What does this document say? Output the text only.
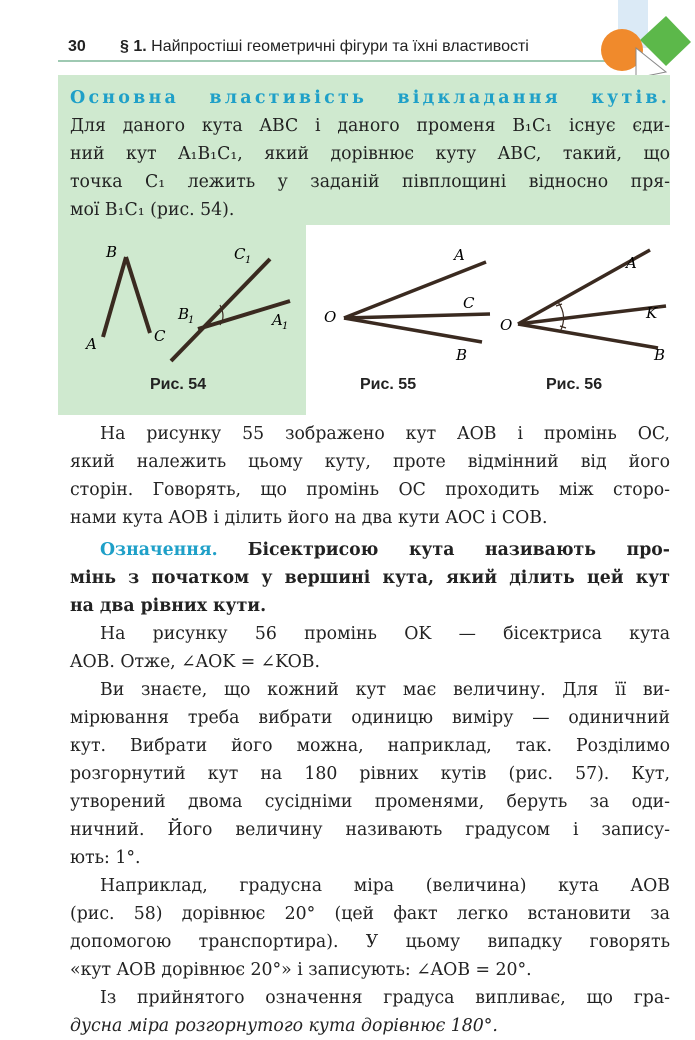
30 § 1. Найпростіші геометричні фігури та їхні властивості

Основна властивість відкладання кутів.
Для даного кута ABC і даного променя B₁C₁ існує єди-
ний кут A₁B₁C₁, який дорівнює куту ABC, такий, що
точка C₁ лежить у заданій півплощині відносно пря-
мої B₁C₁ (рис. 54).

B
A	C
B
1
C 1
A 1
Рис. 54
O
A
C
B
Рис. 55
O
A
K
B
Рис. 56

На рисунку 55 зображено кут AOB і промінь OC,
який належить цьому куту, проте відмінний від його
сторін. Говорять, що промінь ОС проходить між сторо-
нами кута AOB і ділить його на два кути AOC і COB.

Означення. Бісектрисою кута називають про-
мінь з початком у вершині кута, який ділить цей кут
на два рівних кути.

На рисунку 56 промінь OK — бісектриса кута
AOB. Отже, ∠AOK = ∠KOB.

Ви знаєте, що кожний кут має величину. Для її ви-
мірювання треба вибрати одиницю виміру — одиничний
кут. Вибрати його можна, наприклад, так. Розділимо
розгорнутий кут на 180 рівних кутів (рис. 57). Кут,
утворений двома сусідніми променями, беруть за оди-
ничний. Його величину називають градусом і запису-
ють: 1°.

Наприклад, градусна міра (величина) кута AOB
(рис. 58) дорівнює 20° (цей факт легко встановити за
допомогою транспортира). У цьому випадку говорять
«кут AOB дорівнює 20°» і записують: ∠AOB = 20°.

Із прийнятого означення градуса випливає, що гра-
дусна міра розгорнутого кута дорівнює 180°.
